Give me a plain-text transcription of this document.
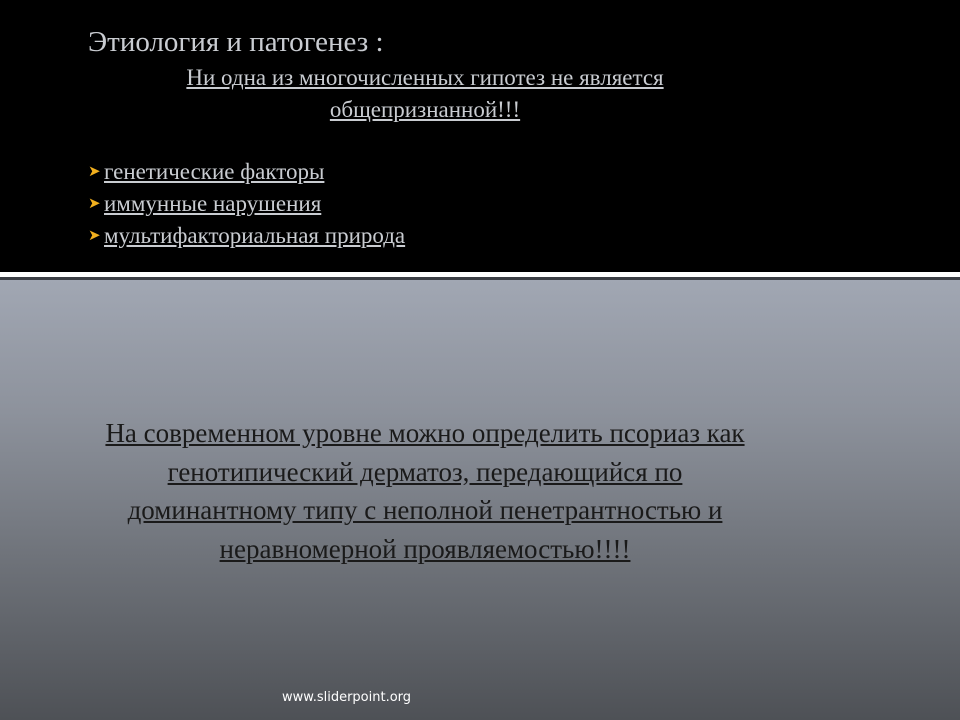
Этиология и патогенез :
Ни одна из многочисленных гипотез не является общепризнанной!!!
➤ генетические факторы
➤ иммунные нарушения
➤ мультифакториальная природа
На современном уровне можно определить псориаз как генотипический дерматоз, передающийся по доминантному типу с неполной пенетрантностью и неравномерной проявляемостью!!!!
www.sliderpoint.org
